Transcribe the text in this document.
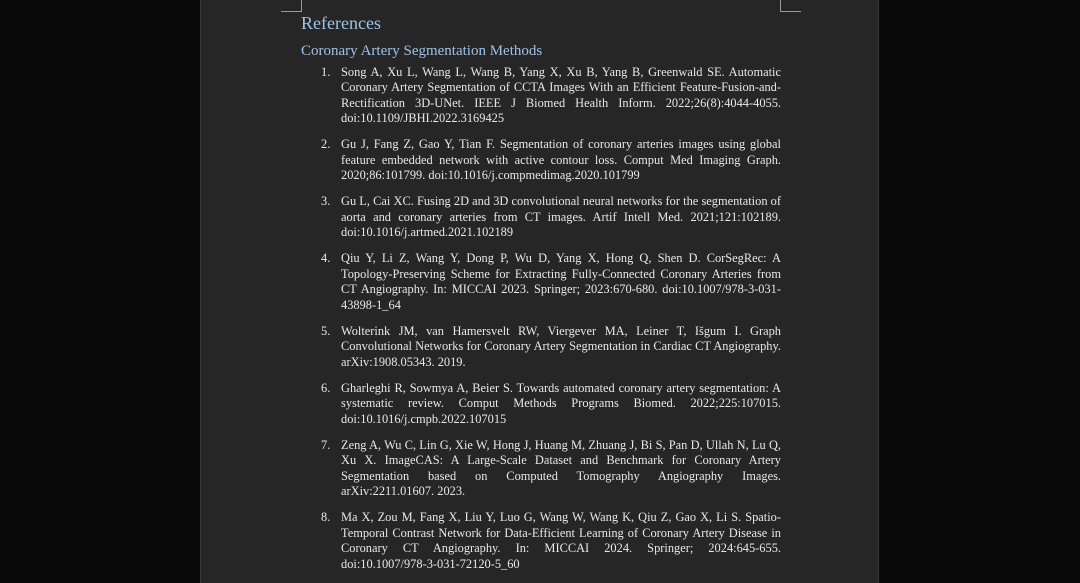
References
Coronary Artery Segmentation Methods
1. Song A, Xu L, Wang L, Wang B, Yang X, Xu B, Yang B, Greenwald SE. Automatic Coronary Artery Segmentation of CCTA Images With an Efficient Feature-Fusion-and-Rectification 3D-UNet. IEEE J Biomed Health Inform. 2022;26(8):4044-4055. doi:10.1109/JBHI.2022.3169425
2. Gu J, Fang Z, Gao Y, Tian F. Segmentation of coronary arteries images using global feature embedded network with active contour loss. Comput Med Imaging Graph. 2020;86:101799. doi:10.1016/j.compmedimag.2020.101799
3. Gu L, Cai XC. Fusing 2D and 3D convolutional neural networks for the segmentation of aorta and coronary arteries from CT images. Artif Intell Med. 2021;121:102189. doi:10.1016/j.artmed.2021.102189
4. Qiu Y, Li Z, Wang Y, Dong P, Wu D, Yang X, Hong Q, Shen D. CorSegRec: A Topology-Preserving Scheme for Extracting Fully-Connected Coronary Arteries from CT Angiography. In: MICCAI 2023. Springer; 2023:670-680. doi:10.1007/978-3-031-43898-1_64
5. Wolterink JM, van Hamersvelt RW, Viergever MA, Leiner T, Išgum I. Graph Convolutional Networks for Coronary Artery Segmentation in Cardiac CT Angiography. arXiv:1908.05343. 2019.
6. Gharleghi R, Sowmya A, Beier S. Towards automated coronary artery segmentation: A systematic review. Comput Methods Programs Biomed. 2022;225:107015. doi:10.1016/j.cmpb.2022.107015
7. Zeng A, Wu C, Lin G, Xie W, Hong J, Huang M, Zhuang J, Bi S, Pan D, Ullah N, Lu Q, Xu X. ImageCAS: A Large-Scale Dataset and Benchmark for Coronary Artery Segmentation based on Computed Tomography Angiography Images. arXiv:2211.01607. 2023.
8. Ma X, Zou M, Fang X, Liu Y, Luo G, Wang W, Wang K, Qiu Z, Gao X, Li S. Spatio-Temporal Contrast Network for Data-Efficient Learning of Coronary Artery Disease in Coronary CT Angiography. In: MICCAI 2024. Springer; 2024:645-655. doi:10.1007/978-3-031-72120-5_60
